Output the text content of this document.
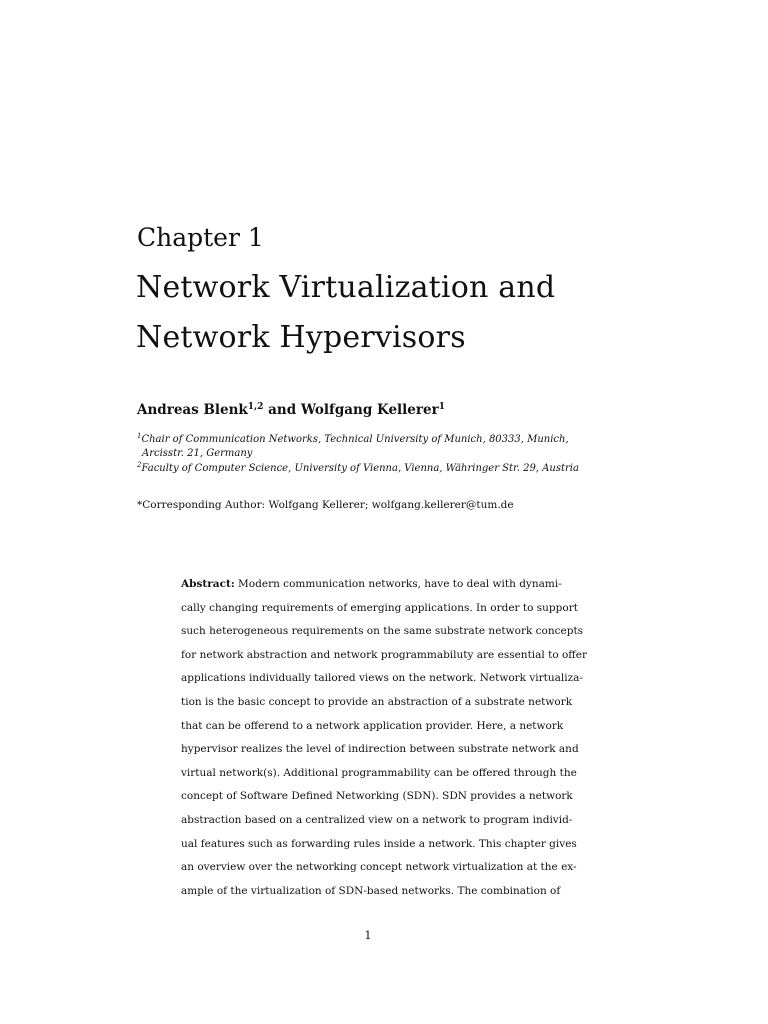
Chapter 1
Network Virtualization and
Network Hypervisors
Andreas Blenk$^{1,2}$ and Wolfgang Kellerer$^1$
$^1$Chair of Communication Networks, Technical University of Munich, 80333, Munich,
Arcisstr. 21, Germany
$^2$Faculty of Computer Science, University of Vienna, Vienna, Währinger Str. 29, Austria
*Corresponding Author: Wolfgang Kellerer; wolfgang.kellerer@tum.de
Abstract: Modern communication networks, have to deal with dynami-
cally changing requirements of emerging applications. In order to support
such heterogeneous requirements on the same substrate network concepts
for network abstraction and network programmabiluty are essential to offer
applications individually tailored views on the network. Network virtualiza-
tion is the basic concept to provide an abstraction of a substrate network
that can be offerend to a network application provider. Here, a network
hypervisor realizes the level of indirection between substrate network and
virtual network(s). Additional programmability can be offered through the
concept of Software Defined Networking (SDN). SDN provides a network
abstraction based on a centralized view on a network to program individ-
ual features such as forwarding rules inside a network. This chapter gives
an overview over the networking concept network virtualization at the ex-
ample of the virtualization of SDN-based networks. The combination of
1
